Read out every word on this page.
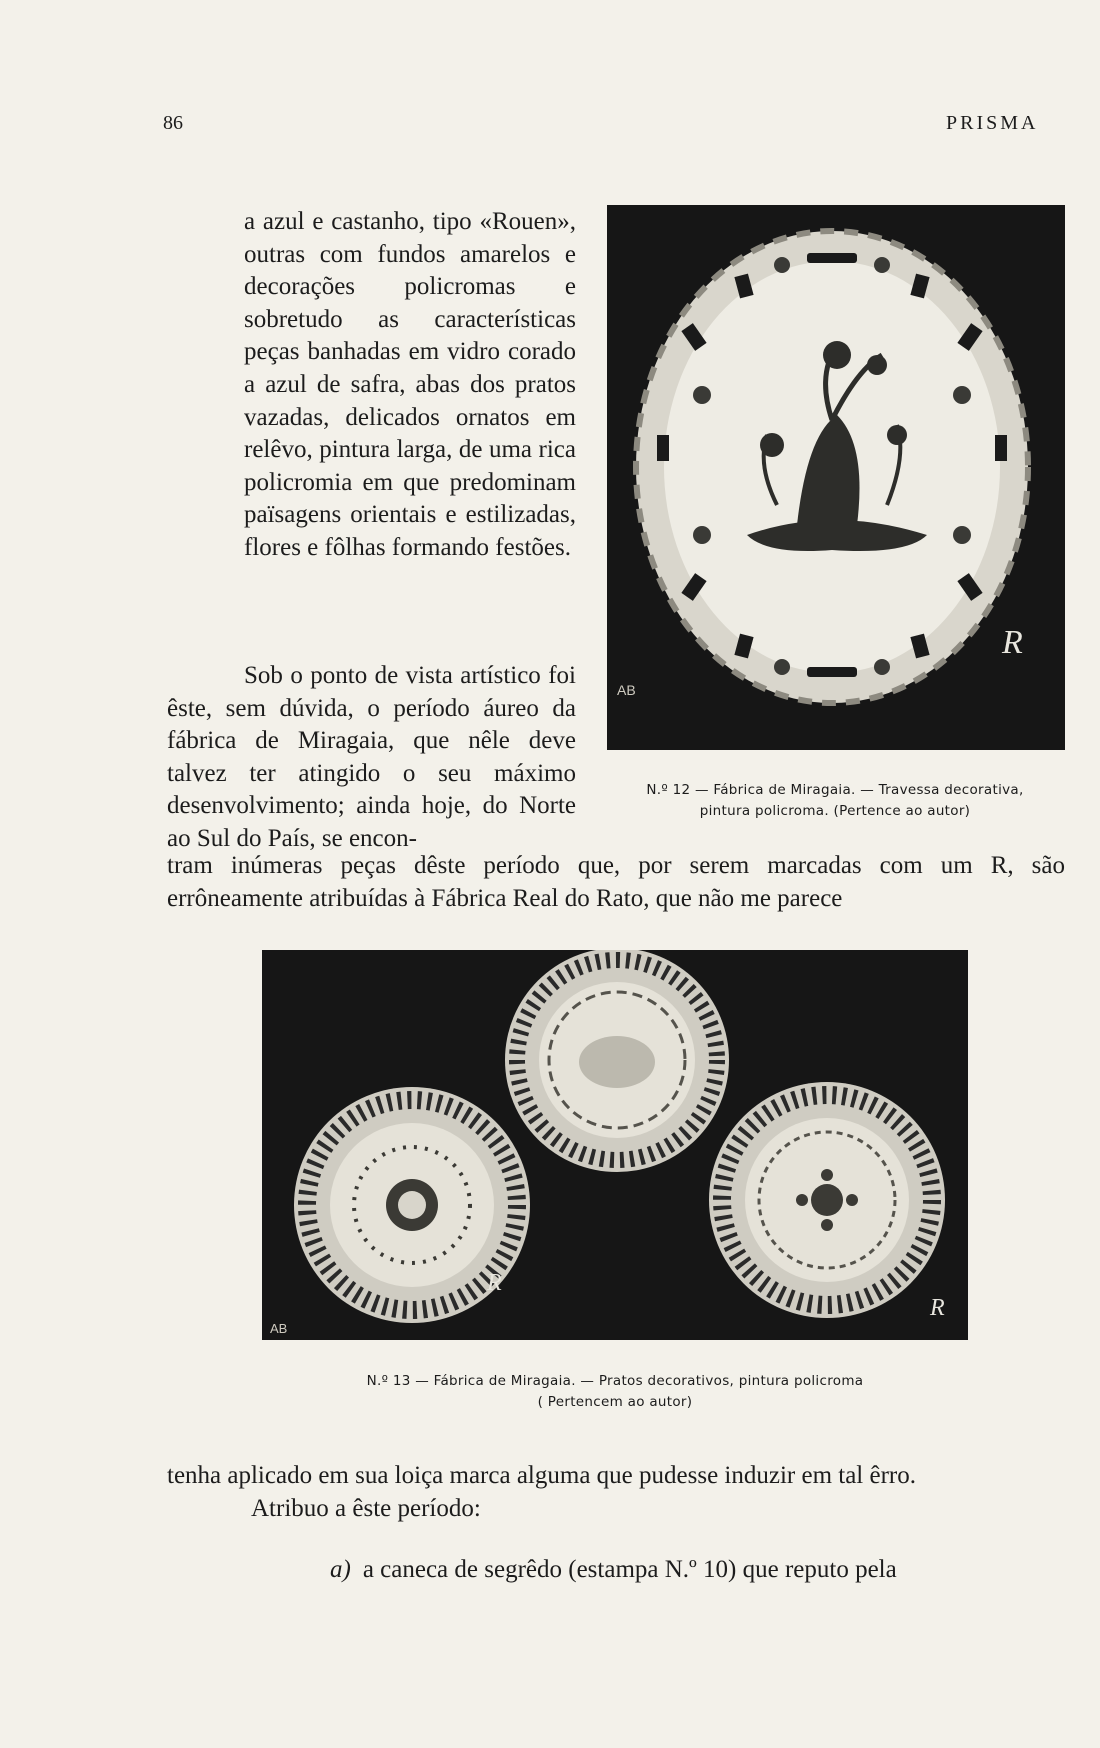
86	PRISMA
a azul e castanho, tipo «Rouen», outras com fundos amarelos e decorações policromas e sobretudo as características peças banhadas em vidro corado a azul de safra, abas dos pratos vazadas, delicados ornatos em relêvo, pintura larga, de uma rica policromia em que predominam païsagens orientais e estilizadas, flores e fôlhas formando festões.
R
AB
N.º 12 — Fábrica de Miragaia. — Travessa decorativa,
pintura policroma. (Pertence ao autor)
Sob o ponto de vista artístico foi êste, sem dúvida, o período áureo da fábrica de Miragaia, que nêle deve talvez ter atingido o seu máximo desenvolvimento; ainda hoje, do Norte ao Sul do País, se encon-
tram inúmeras peças dêste período que, por serem marcadas com um R, são errôneamente atribuídas à Fábrica Real do Rato, que não me parece
R
R
AB
N.º 13 — Fábrica de Miragaia. — Pratos decorativos, pintura policroma
( Pertencem ao autor)
tenha aplicado em sua loiça marca alguma que pudesse induzir em tal êrro.
Atribuo a êste período:
a) a caneca de segrêdo (estampa N.º 10) que reputo pela
